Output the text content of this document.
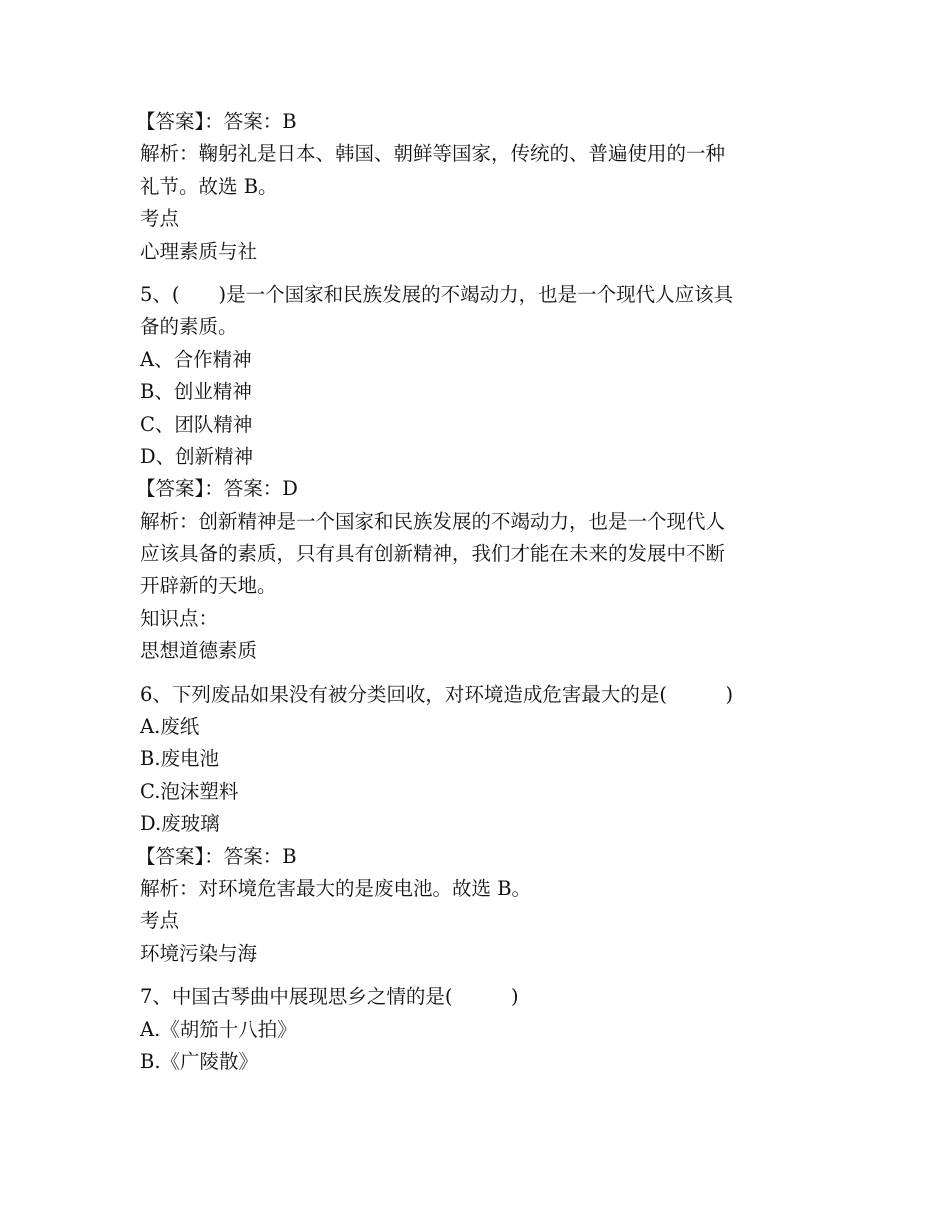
【答案】：答案：B
解析：鞠躬礼是日本、韩国、朝鲜等国家，传统的、普遍使用的一种
礼节。故选 B。
考点
心理素质与社
5、(　　)是一个国家和民族发展的不竭动力，也是一个现代人应该具
备的素质。
A、合作精神
B、创业精神
C、团队精神
D、创新精神
【答案】：答案：D
解析：创新精神是一个国家和民族发展的不竭动力，也是一个现代人
应该具备的素质，只有具有创新精神，我们才能在未来的发展中不断
开辟新的天地。
知识点：
思想道德素质
6、下列废品如果没有被分类回收，对环境造成危害最大的是(　　　)
A.废纸
B.废电池
C.泡沫塑料
D.废玻璃
【答案】：答案：B
解析：对环境危害最大的是废电池。故选 B。
考点
环境污染与海
7、中国古琴曲中展现思乡之情的是(　　　)
A.《胡笳十八拍》
B.《广陵散》
